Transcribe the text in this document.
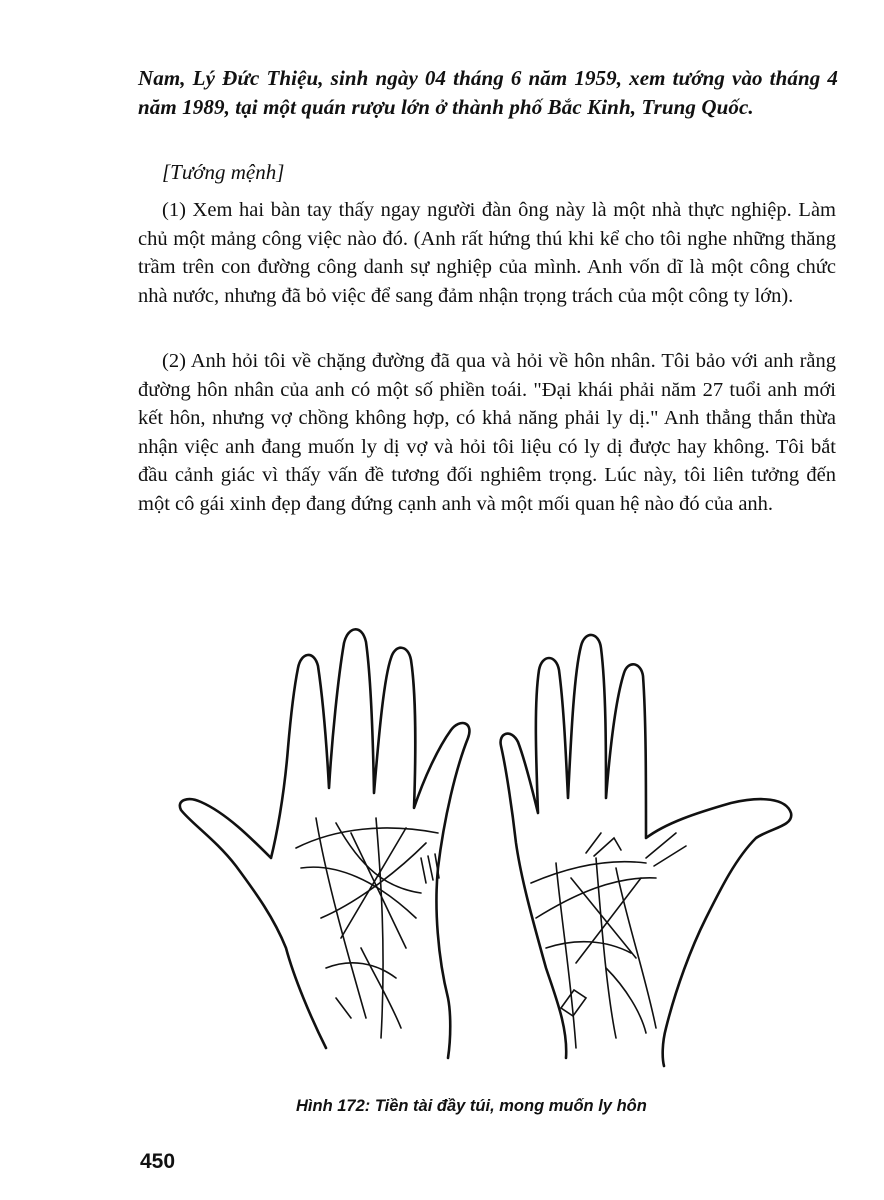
Nam, Lý Đức Thiệu, sinh ngày 04 tháng 6 năm 1959, xem tướng vào tháng 4 năm 1989, tại một quán rượu lớn ở thành phố Bắc Kinh, Trung Quốc.
[Tướng mệnh]

(1) Xem hai bàn tay thấy ngay người đàn ông này là một nhà thực nghiệp. Làm chủ một mảng công việc nào đó. (Anh rất hứng thú khi kể cho tôi nghe những thăng trầm trên con đường công danh sự nghiệp của mình. Anh vốn dĩ là một công chức nhà nước, nhưng đã bỏ việc để sang đảm nhận trọng trách của một công ty lớn).

(2) Anh hỏi tôi về chặng đường đã qua và hỏi về hôn nhân. Tôi bảo với anh rằng đường hôn nhân của anh có một số phiền toái. "Đại khái phải năm 27 tuổi anh mới kết hôn, nhưng vợ chồng không hợp, có khả năng phải ly dị." Anh thẳng thắn thừa nhận việc anh đang muốn ly dị vợ và hỏi tôi liệu có ly dị được hay không. Tôi bắt đầu cảnh giác vì thấy vấn đề tương đối nghiêm trọng. Lúc này, tôi liên tưởng đến một cô gái xinh đẹp đang đứng cạnh anh và một mối quan hệ nào đó của anh.

Hình 172: Tiền tài đầy túi, mong muốn ly hôn
450
